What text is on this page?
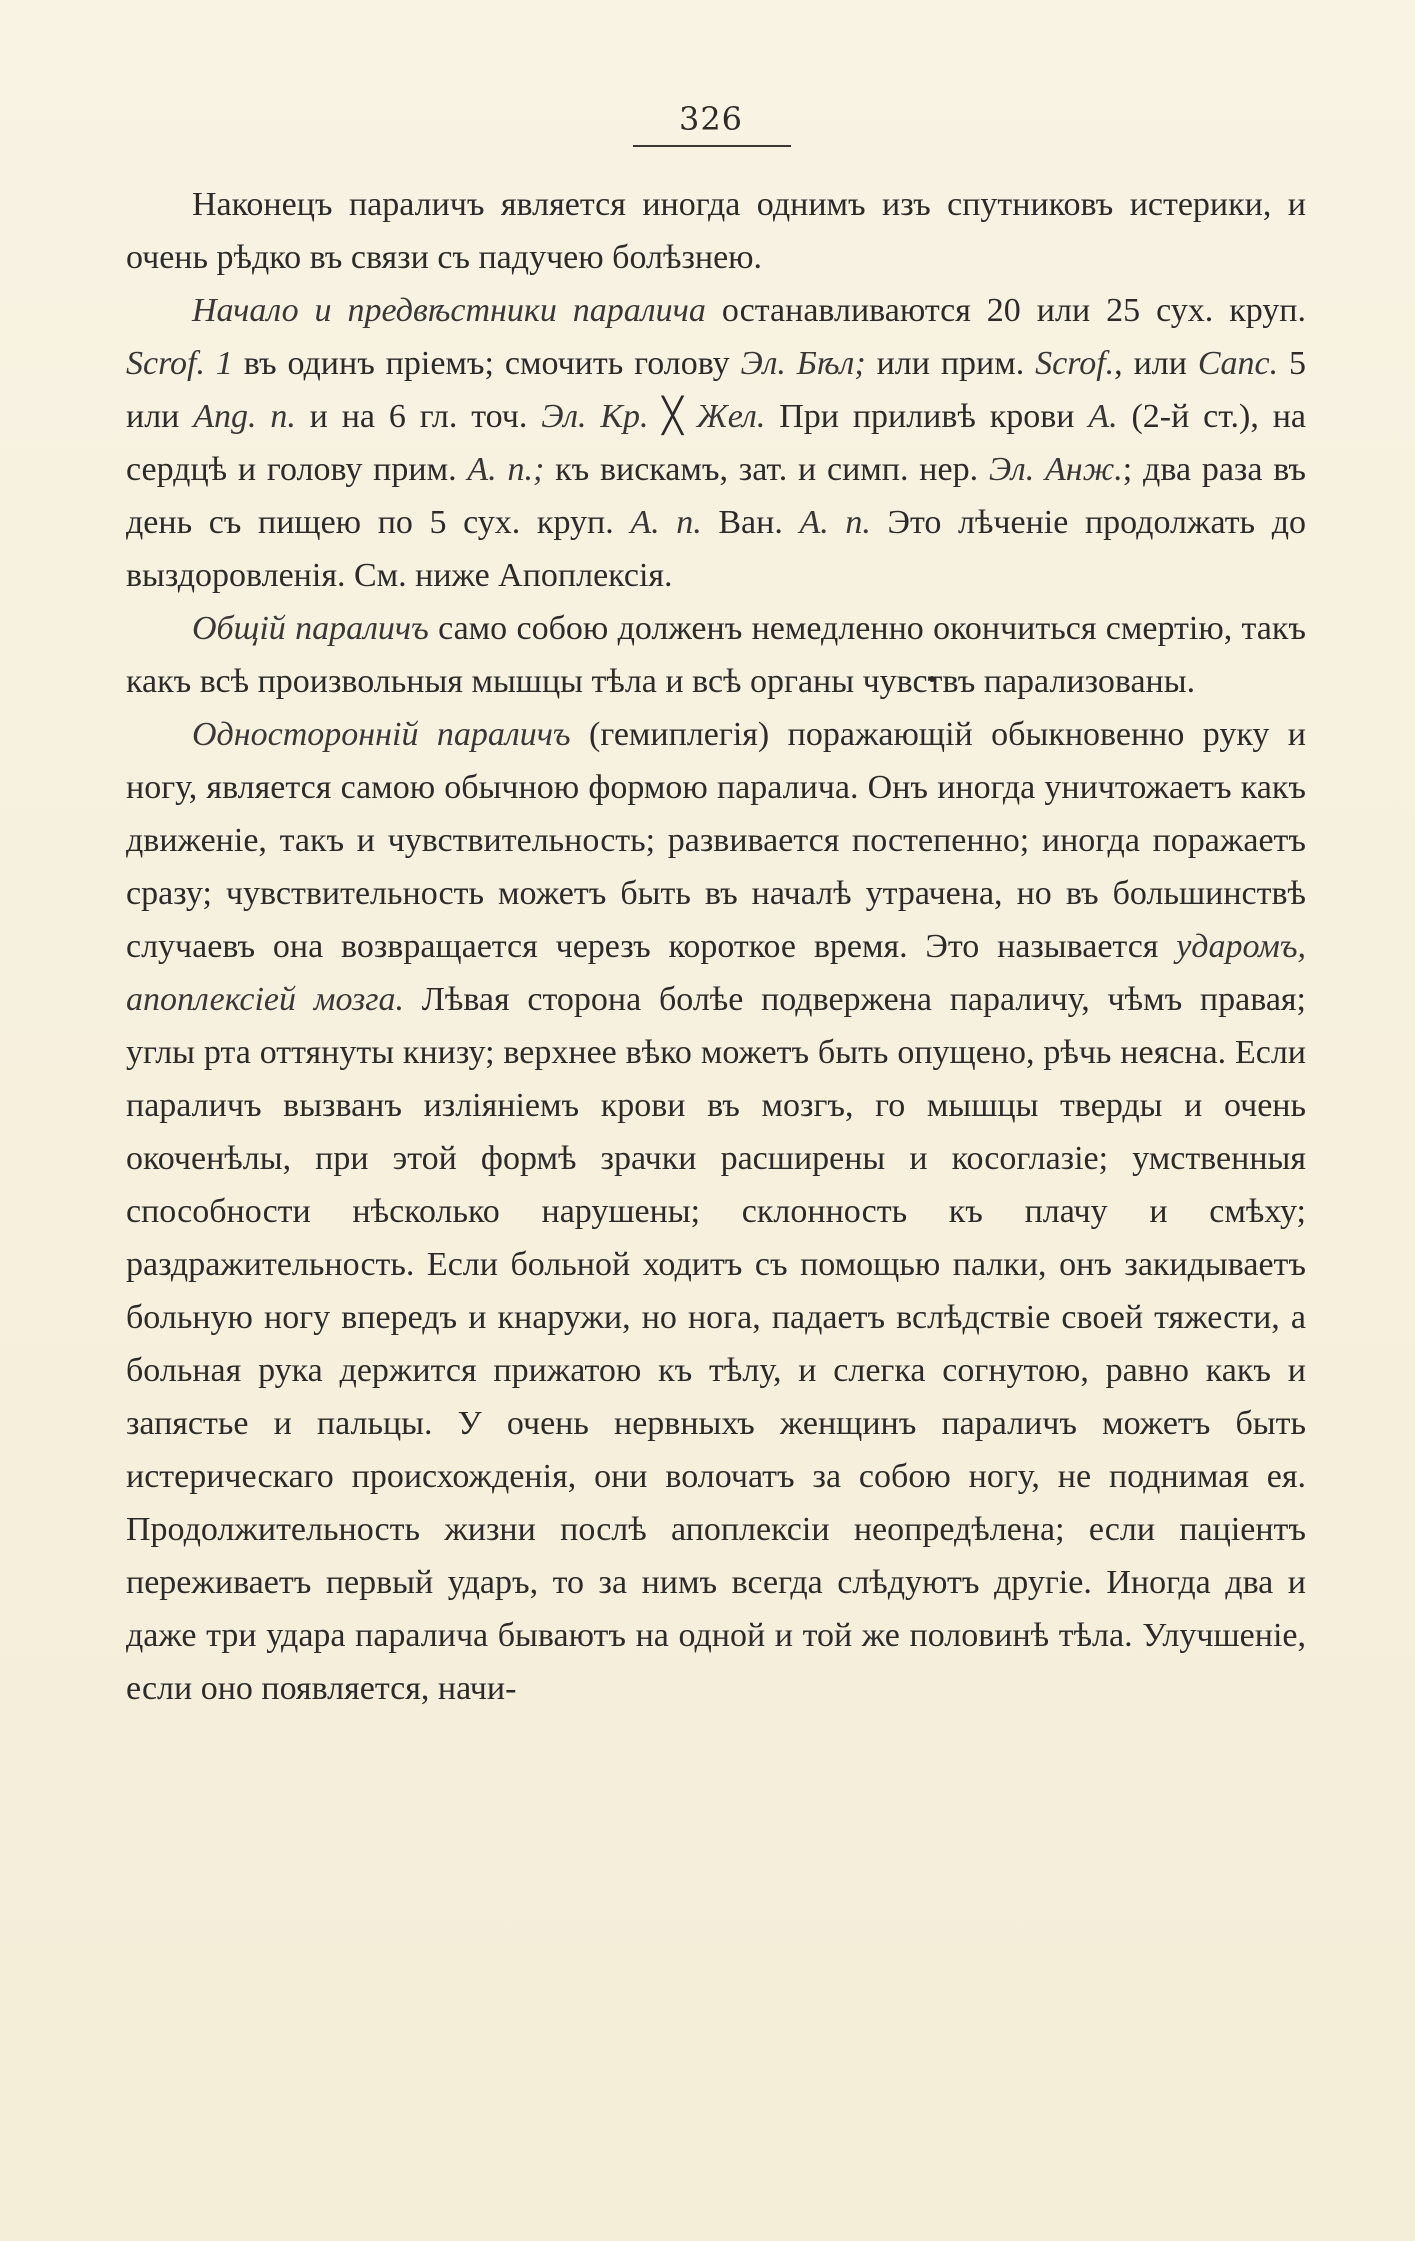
326

Наконецъ параличъ является иногда однимъ изъ спутниковъ истерики, и очень рѣдко въ связи съ падучею болѣзнею.

Начало и предвѣстники паралича останавливаются 20 или 25 сух. круп. Scrof. 1 въ одинъ пріемъ; смочить голову Эл. Бѣл; или прим. Scrof., или Canc. 5 или Ang. n. и на 6 гл. точ. Эл. Кр. ╳ Жел. При приливѣ крови А. (2-й ст.), на сердцѣ и голову прим. А. n.; къ вискамъ, зат. и симп. нер. Эл. Анж.; два раза въ день съ пищею по 5 сух. круп. А. n. Ван. А. n. Это лѣченіе продолжать до выздоровленія. См. ниже Апоплексія.

Общій параличъ само собою долженъ немедленно окончиться смертію, такъ какъ всѣ произвольныя мышцы тѣла и всѣ органы чувствъ парализованы.

Односторонній параличъ (гемиплегія) поражающій обыкновенно руку и ногу, является самою обычною формою паралича. Онъ иногда уничтожаетъ какъ движеніе, такъ и чувствительность; развивается постепенно; иногда поражаетъ сразу; чувствительность можетъ быть въ началѣ утрачена, но въ большинствѣ случаевъ она возвращается черезъ короткое время. Это называется ударомъ, апоплексіей мозга. Лѣвая сторона болѣе подвержена параличу, чѣмъ правая; углы рта оттянуты книзу; верхнее вѣко можетъ быть опущено, рѣчь неясна. Если параличъ вызванъ изліяніемъ крови въ мозгъ, го мышцы тверды и очень окоченѣлы, при этой формѣ зрачки расширены и косоглазіе; умственныя способности нѣсколько нарушены; склонность къ плачу и смѣху; раздражительность. Если больной ходитъ съ помощью палки, онъ закидываетъ больную ногу впередъ и кнаружи, но нога, падаетъ вслѣдствіе своей тяжести, а больная рука держится прижатою къ тѣлу, и слегка согнутою, равно какъ и запястье и пальцы. У очень нервныхъ женщинъ параличъ можетъ быть истерическаго происхожденія, они волочатъ за собою ногу, не поднимая ея. Продолжительность жизни послѣ апоплексіи неопредѣлена; если паціентъ переживаетъ первый ударъ, то за нимъ всегда слѣдуютъ другіе. Иногда два и даже три удара паралича бываютъ на одной и той же половинѣ тѣла. Улучшеніе, если оно появляется, начи-
